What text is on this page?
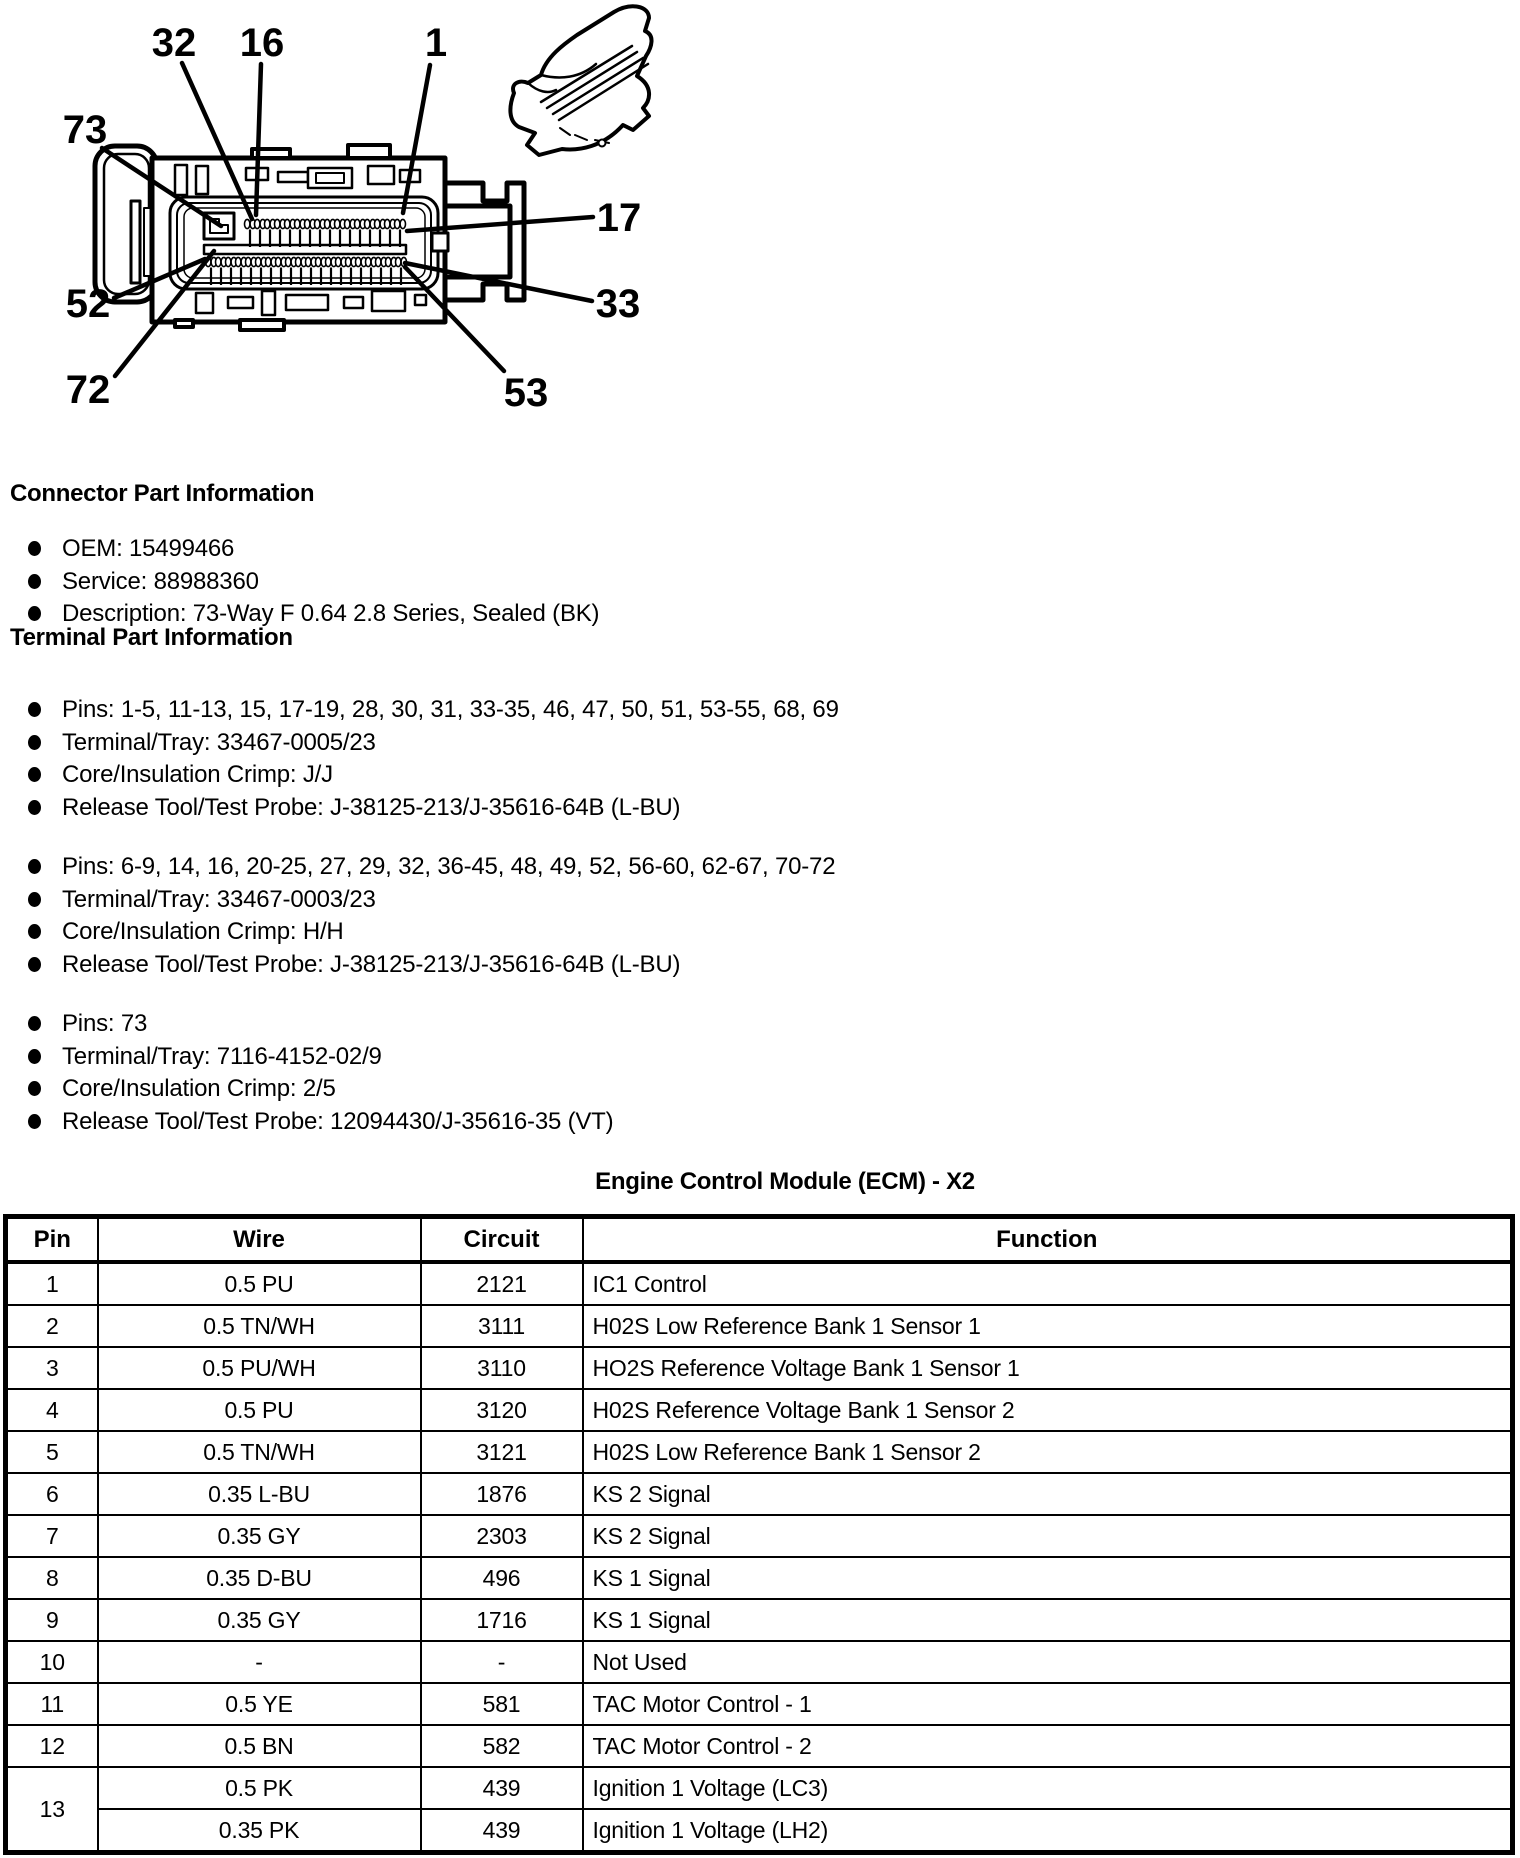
32 16	1
73
17
52	33
72	53
Connector Part Information
OEM: 15499466
Service: 88988360
Description: 73-Way F 0.64 2.8 Series, Sealed (BK)
Terminal Part Information
Pins: 1-5, 11-13, 15, 17-19, 28, 30, 31, 33-35, 46, 47, 50, 51, 53-55, 68, 69
Terminal/Tray: 33467-0005/23
Core/Insulation Crimp: J/J
Release Tool/Test Probe: J-38125-213/J-35616-64B (L-BU)
Pins: 6-9, 14, 16, 20-25, 27, 29, 32, 36-45, 48, 49, 52, 56-60, 62-67, 70-72
Terminal/Tray: 33467-0003/23
Core/Insulation Crimp: H/H
Release Tool/Test Probe: J-38125-213/J-35616-64B (L-BU)
Pins: 73
Terminal/Tray: 7116-4152-02/9
Core/Insulation Crimp: 2/5
Release Tool/Test Probe: 12094430/J-35616-35 (VT)
Engine Control Module (ECM) - X2
Pin	Wire	Circuit	Function
1	0.5 PU	2121	IC1 Control
2	0.5 TN/WH	3111	H02S Low Reference Bank 1 Sensor 1
3	0.5 PU/WH	3110	HO2S Reference Voltage Bank 1 Sensor 1
4	0.5 PU	3120	H02S Reference Voltage Bank 1 Sensor 2
5	0.5 TN/WH	3121	H02S Low Reference Bank 1 Sensor 2
6	0.35 L-BU	1876	KS 2 Signal
7	0.35 GY	2303	KS 2 Signal
8	0.35 D-BU	496	KS 1 Signal
9	0.35 GY	1716	KS 1 Signal
10	-	-	Not Used
11	0.5 YE	581	TAC Motor Control - 1
12	0.5 BN	582	TAC Motor Control - 2
13	0.5 PK	439	Ignition 1 Voltage (LC3)
	0.35 PK	439	Ignition 1 Voltage (LH2)
